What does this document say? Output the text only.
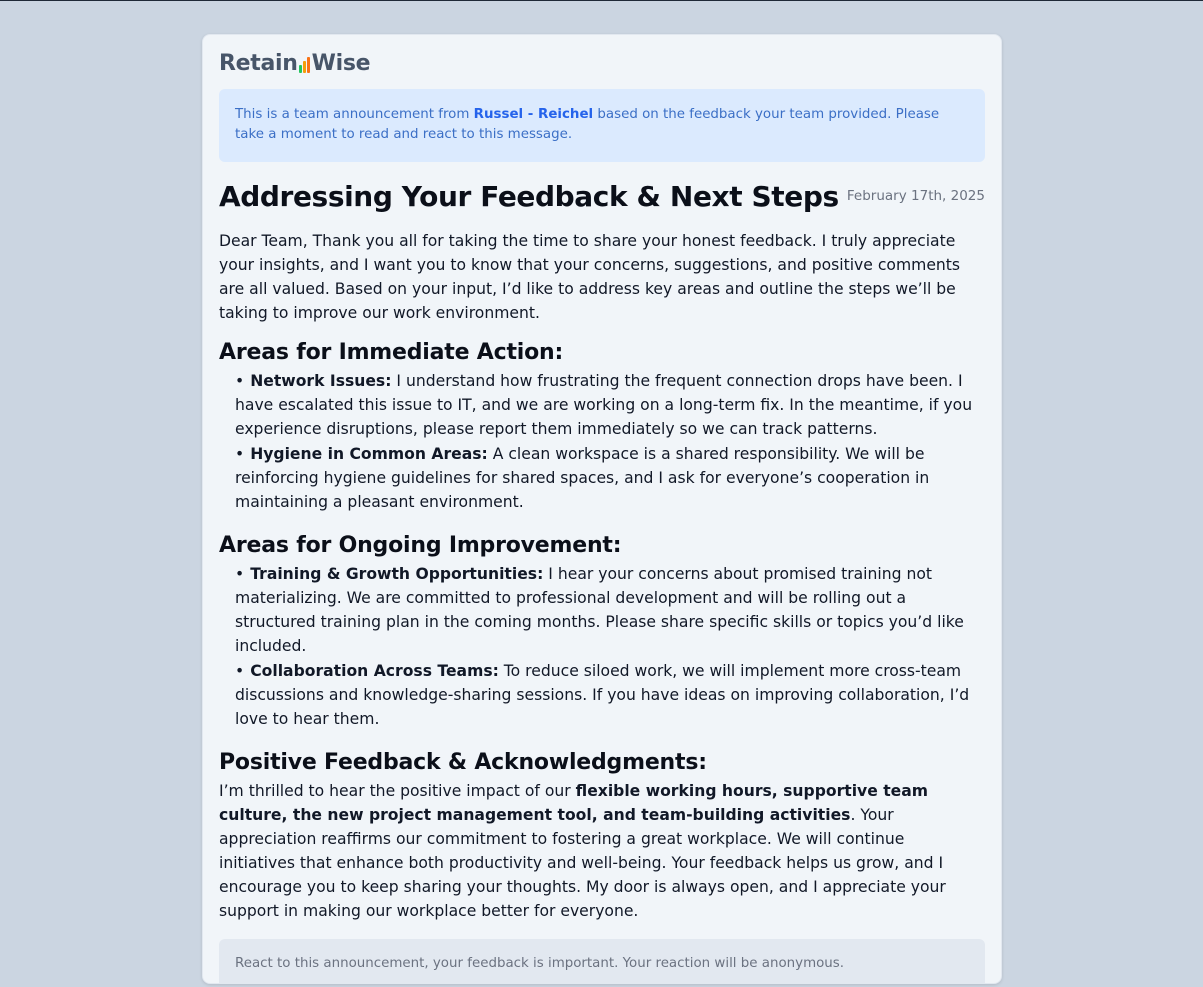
Retain W ise
This is a team announcement from Russel - Reichel based on the feedback your team provided. Please take a moment to read and react to this message.
Addressing Your Feedback & Next Steps February 17th, 2025

Dear Team, Thank you all for taking the time to share your honest feedback. I truly appreciate your insights, and I want you to know that your concerns, suggestions, and positive comments are all valued. Based on your input, I’d like to address key areas and outline the steps we’ll be taking to improve our work environment.

Areas for Immediate Action:
• Network Issues: I understand how frustrating the frequent connection drops have been. I have escalated this issue to IT, and we are working on a long-term fix. In the meantime, if you experience disruptions, please report them immediately so we can track patterns.
• Hygiene in Common Areas: A clean workspace is a shared responsibility. We will be reinforcing hygiene guidelines for shared spaces, and I ask for everyone’s cooperation in maintaining a pleasant environment.
Areas for Ongoing Improvement:
• Training & Growth Opportunities: I hear your concerns about promised training not materializing. We are committed to professional development and will be rolling out a structured training plan in the coming months. Please share specific skills or topics you’d like included.
• Collaboration Across Teams: To reduce siloed work, we will implement more cross-team discussions and knowledge-sharing sessions. If you have ideas on improving collaboration, I’d love to hear them.
Positive Feedback & Acknowledgments:

I’m thrilled to hear the positive impact of our flexible working hours, supportive team culture, the new project management tool, and team-building activities. Your appreciation reaffirms our commitment to fostering a great workplace. We will continue initiatives that enhance both productivity and well-being. Your feedback helps us grow, and I encourage you to keep sharing your thoughts. My door is always open, and I appreciate your support in making our workplace better for everyone.

React to this announcement, your feedback is important. Your reaction will be anonymous.
